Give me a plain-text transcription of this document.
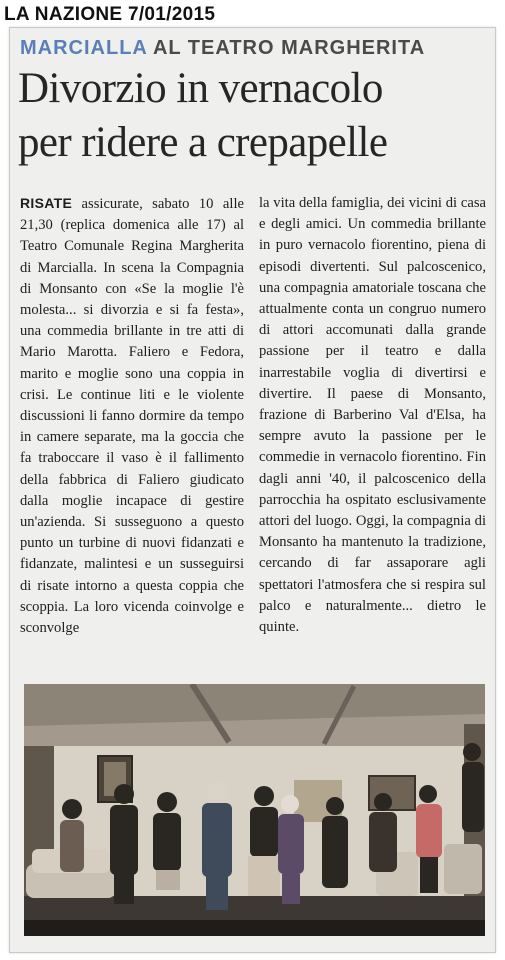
LA NAZIONE 7/01/2015
MARCIALLA AL TEATRO MARGHERITA
Divorzio in vernacolo
per ridere a crepapelle
RISATE assicurate, sabato 10 alle 21,30 (replica domenica alle 17) al Teatro Comunale Regina Margherita di Marcialla. In scena la Compagnia di Monsanto con «Se la moglie l'è molesta... si divorzia e si fa festa», una commedia brillante in tre atti di Mario Marotta. Faliero e Fedora, marito e moglie sono una coppia in crisi. Le continue liti e le violente discussioni li fanno dormire da tempo in camere separate, ma la goccia che fa traboccare il vaso è il fallimento della fabbrica di Faliero giudicato dalla moglie incapace di gestire un'azienda. Si susseguono a questo punto un turbine di nuovi fidanzati e fidanzate, malintesi e un susseguirsi di risate intorno a questa coppia che scoppia. La loro vicenda coinvolge e sconvolge
la vita della famiglia, dei vicini di casa e degli amici. Un commedia brillante in puro vernacolo fiorentino, piena di episodi divertenti. Sul palcoscenico, una compagnia amatoriale toscana che attualmente conta un congruo numero di attori accomunati dalla grande passione per il teatro e dalla inarrestabile voglia di divertirsi e divertire. Il paese di Monsanto, frazione di Barberino Val d'Elsa, ha sempre avuto la passione per le commedie in vernacolo fiorentino. Fin dagli anni '40, il palcoscenico della parrocchia ha ospitato esclusivamente attori del luogo. Oggi, la compagnia di Monsanto ha mantenuto la tradizione, cercando di far assaporare agli spettatori l'atmosfera che si respira sul palco e naturalmente... dietro le quinte.
